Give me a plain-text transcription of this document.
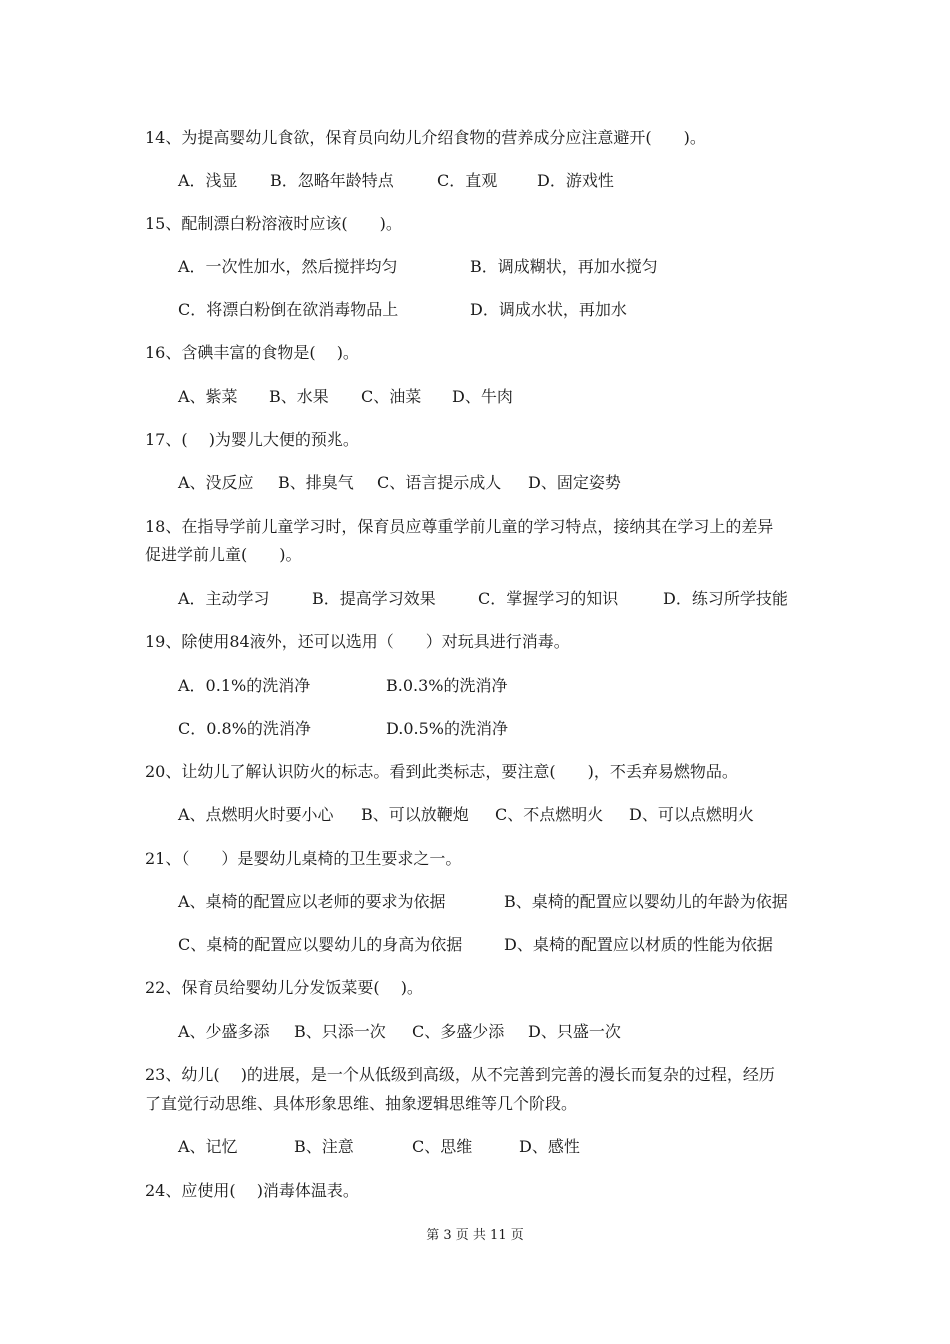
14、为提高婴幼儿食欲，保育员向幼儿介绍食物的营养成分应注意避开(　　)。

A．浅显

B．忽略年龄特点

	C．直观

D．游戏性

15、配制漂白粉溶液时应该(　　)。

A．一次性加水，然后搅拌均匀

	B．调成糊状，再加水搅匀

C．将漂白粉倒在欲消毒物品上

	D．调成水状，再加水

16、含碘丰富的食物是(　 )。

A、紫菜

B、水果

C、油菜

D、牛肉

17、(　 )为婴儿大便的预兆。

A、没反应

B、排臭气

C、语言提示成人

D、固定姿势

18、在指导学前儿童学习时，保育员应尊重学前儿童的学习特点，接纳其在学习上的差异
促进学前儿童(　　)。

A．主动学习

	B．提高学习效果

	C．掌握学习的知识

	D．练习所学技能

19、除使用84液外，还可以选用（　　）对玩具进行消毒。

A．0.1%的洗消净

	B.0.3%的洗消净

C．0.8%的洗消净

	D.0.5%的洗消净

20、让幼儿了解认识防火的标志。看到此类标志，要注意(　　)，不丢弃易燃物品。

A、点燃明火时要小心

B、可以放鞭炮

C、不点燃明火

D、可以点燃明火

21、（　　）是婴幼儿桌椅的卫生要求之一。

A、桌椅的配置应以老师的要求为依据

	B、桌椅的配置应以婴幼儿的年龄为依据

C、桌椅的配置应以婴幼儿的身高为依据

	D、桌椅的配置应以材质的性能为依据

22、保育员给婴幼儿分发饭菜要(　 )。

A、少盛多添

B、只添一次

C、多盛少添

D、只盛一次

23、幼儿(　 )的进展，是一个从低级到高级，从不完善到完善的漫长而复杂的过程，经历
了直觉行动思维、具体形象思维、抽象逻辑思维等几个阶段。

A、记忆

	B、注意

	C、思维

	D、感性

24、应使用(　 )消毒体温表。
第 3 页 共 11 页
